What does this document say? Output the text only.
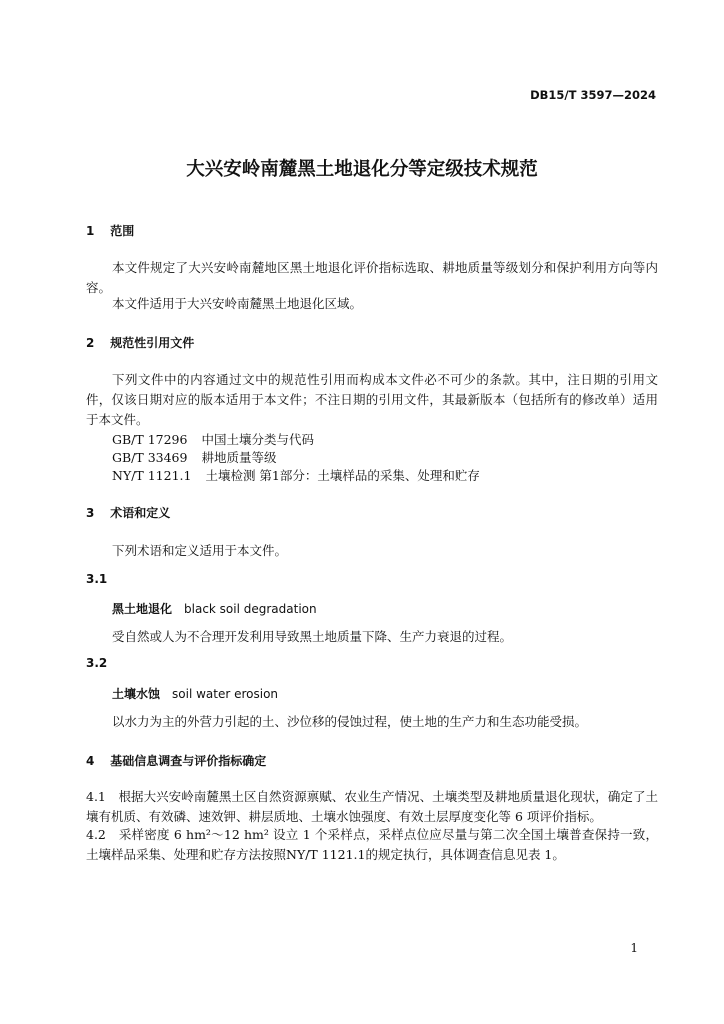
DB15/T 3597—2024
大兴安岭南麓黑土地退化分等定级技术规范
1 范围
本文件规定了大兴安岭南麓地区黑土地退化评价指标选取、耕地质量等级划分和保护利用方向等内容。
本文件适用于大兴安岭南麓黑土地退化区域。
2 规范性引用文件
下列文件中的内容通过文中的规范性引用而构成本文件必不可少的条款。其中，注日期的引用文件，仅该日期对应的版本适用于本文件；不注日期的引用文件，其最新版本（包括所有的修改单）适用于本文件。
GB/T 17296 中国土壤分类与代码
GB/T 33469 耕地质量等级
NY/T 1121.1 土壤检测 第1部分：土壤样品的采集、处理和贮存
3 术语和定义
下列术语和定义适用于本文件。
3.1
黑土地退化 black soil degradation
受自然或人为不合理开发利用导致黑土地质量下降、生产力衰退的过程。
3.2
土壤水蚀 soil water erosion
以水力为主的外营力引起的土、沙位移的侵蚀过程，使土地的生产力和生态功能受损。
4 基础信息调查与评价指标确定
4.1　根据大兴安岭南麓黑土区自然资源禀赋、农业生产情况、土壤类型及耕地质量退化现状，确定了土壤有机质、有效磷、速效钾、耕层质地、土壤水蚀强度、有效土层厚度变化等 6 项评价指标。
4.2　采样密度 6 hm²～12 hm² 设立 1 个采样点，采样点位应尽量与第二次全国土壤普查保持一致，土壤样品采集、处理和贮存方法按照NY/T 1121.1的规定执行，具体调查信息见表 1。
1
